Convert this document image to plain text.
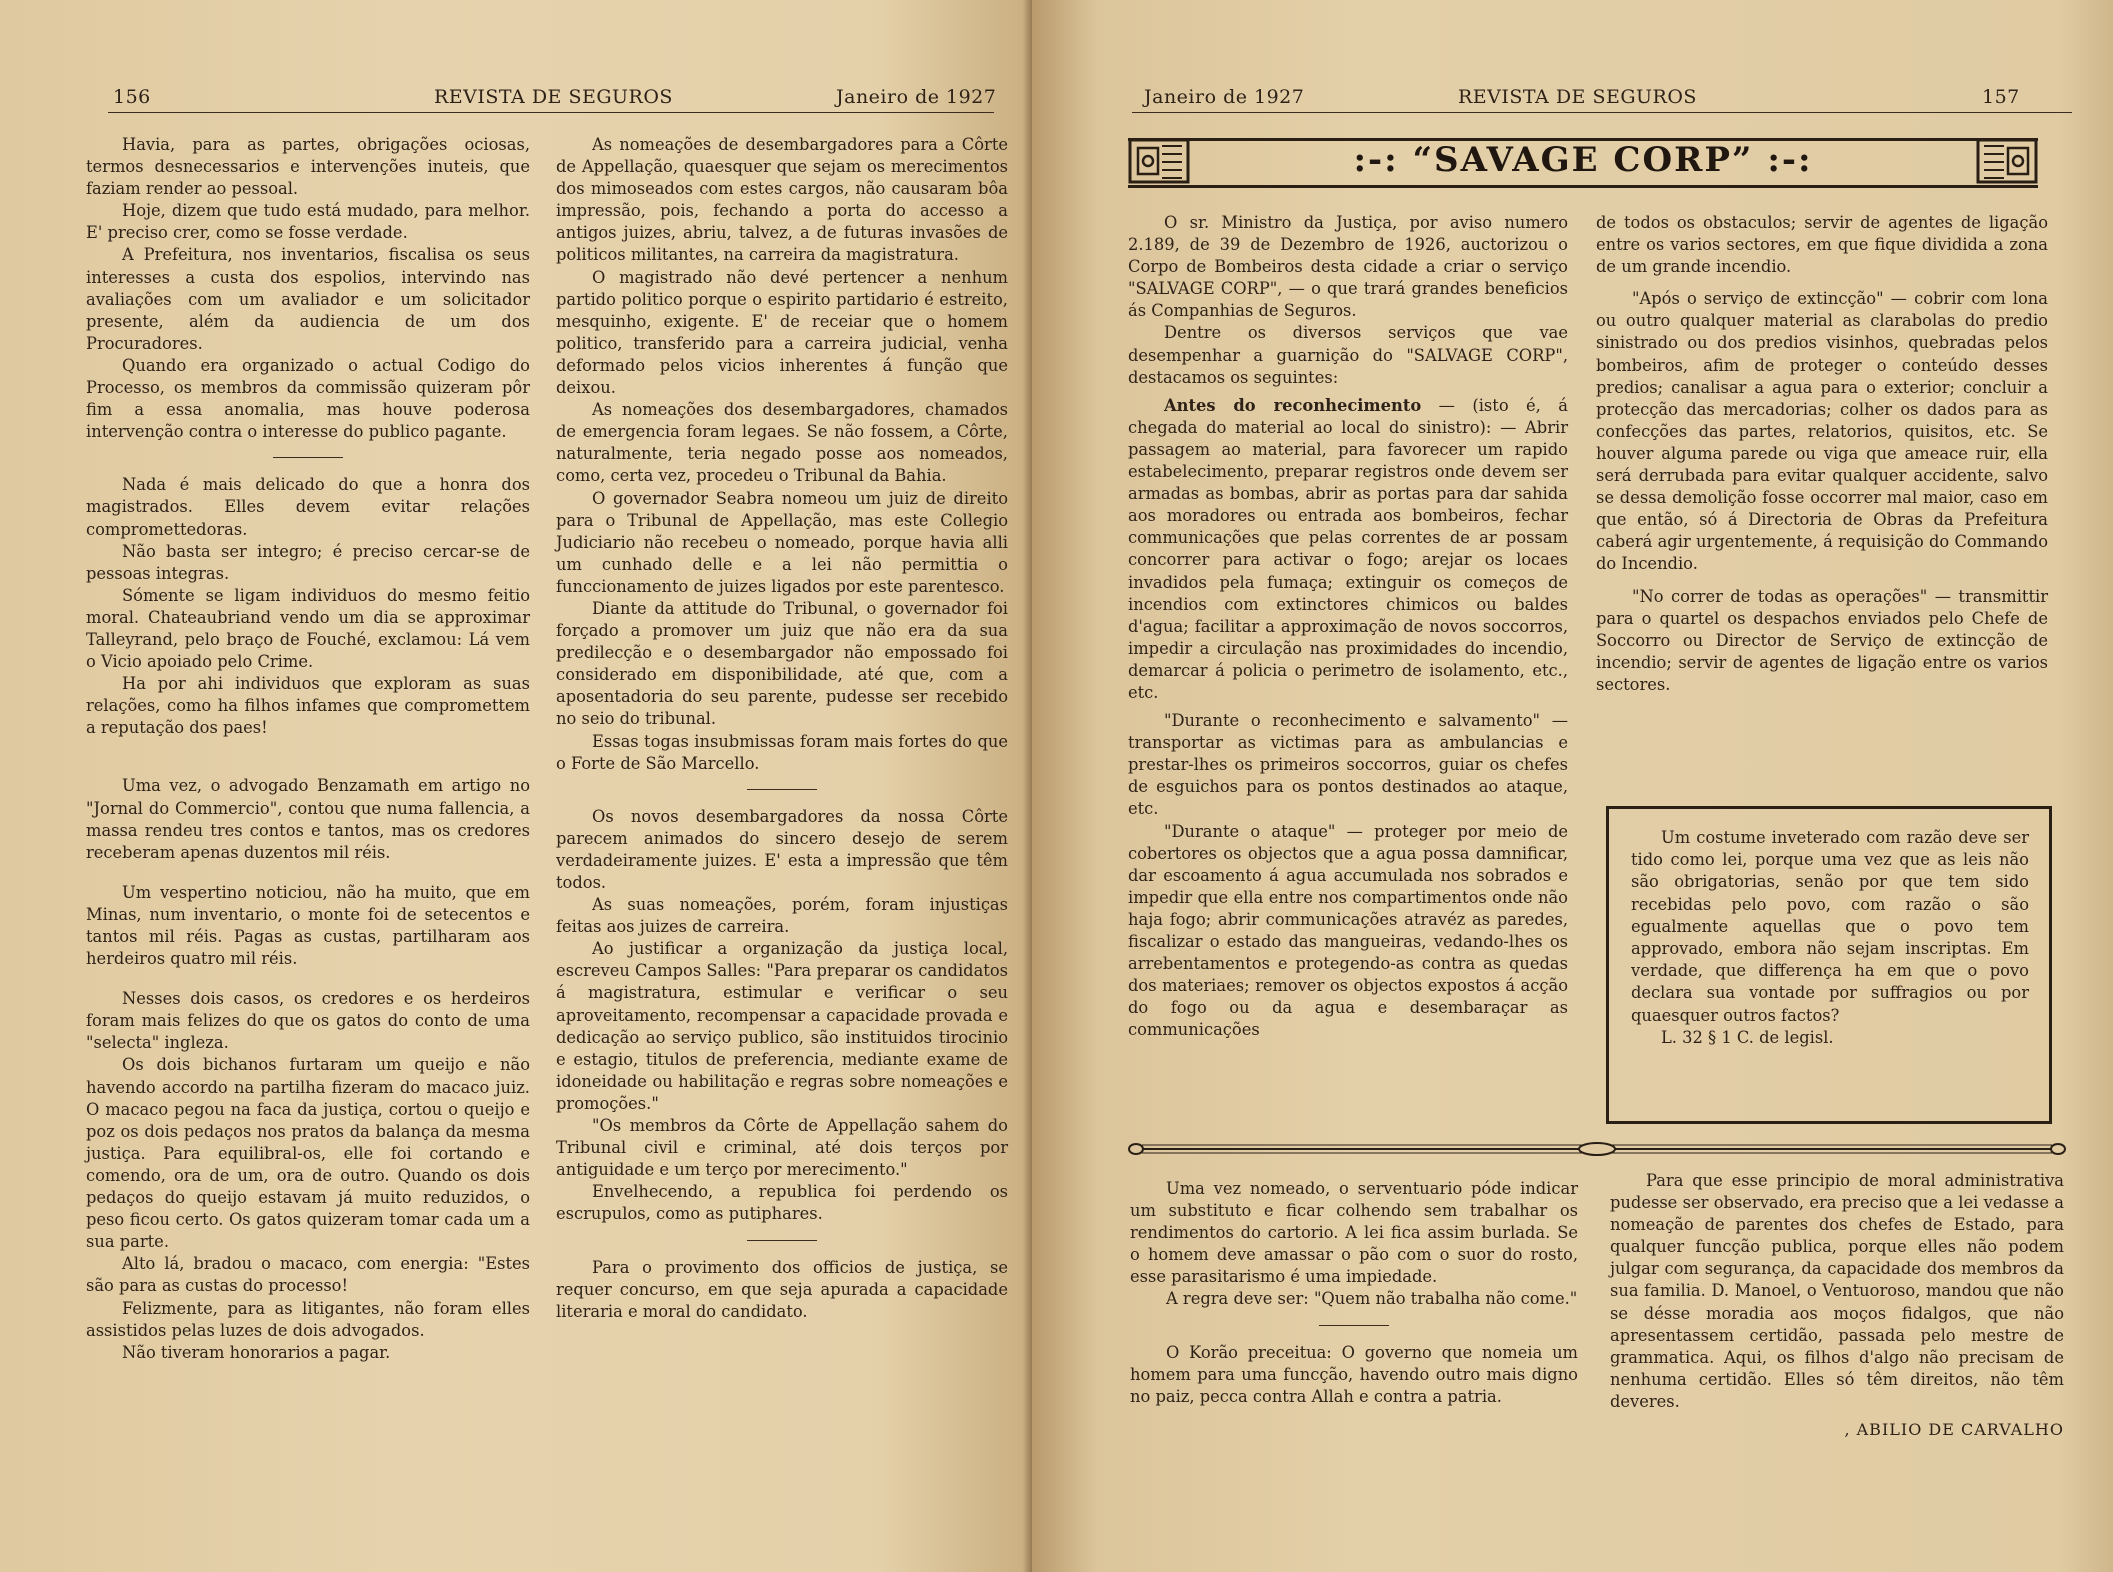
156	REVISTA DE SEGUROS	Janeiro de 1927

Havia, para as partes, obrigações ociosas, termos desnecessarios e intervenções inuteis, que faziam render ao pessoal.

Hoje, dizem que tudo está mudado, para melhor. E' preciso crer, como se fosse verdade.

A Prefeitura, nos inventarios, fiscalisa os seus interesses a custa dos espolios, intervindo nas avaliações com um avaliador e um solicitador presente, além da audiencia de um dos Procuradores.

Quando era organizado o actual Codigo do Processo, os membros da commissão quizeram pôr fim a essa anomalia, mas houve poderosa intervenção contra o interesse do publico pagante.

Nada é mais delicado do que a honra dos magistrados. Elles devem evitar relações compromettedoras.

Não basta ser integro; é preciso cercar-se de pessoas integras.

Sómente se ligam individuos do mesmo feitio moral. Chateaubriand vendo um dia se approximar Talleyrand, pelo braço de Fouché, exclamou: Lá vem o Vicio apoiado pelo Crime.

Ha por ahi individuos que exploram as suas relações, como ha filhos infames que compromettem a reputação dos paes!

Uma vez, o advogado Benzamath em artigo no "Jornal do Commercio", contou que numa fallencia, a massa rendeu tres contos e tantos, mas os credores receberam apenas duzentos mil réis.

Um vespertino noticiou, não ha muito, que em Minas, num inventario, o monte foi de setecentos e tantos mil réis. Pagas as custas, partilharam aos herdeiros quatro mil réis.

Nesses dois casos, os credores e os herdeiros foram mais felizes do que os gatos do conto de uma "selecta" ingleza.

Os dois bichanos furtaram um queijo e não havendo accordo na partilha fizeram do macaco juiz. O macaco pegou na faca da justiça, cortou o queijo e poz os dois pedaços nos pratos da balança da mesma justiça. Para equilibral-os, elle foi cortando e comendo, ora de um, ora de outro. Quando os dois pedaços do queijo estavam já muito reduzidos, o peso ficou certo. Os gatos quizeram tomar cada um a sua parte.

Alto lá, bradou o macaco, com energia: "Estes são para as custas do processo!

Felizmente, para as litigantes, não foram elles assistidos pelas luzes de dois advogados.

Não tiveram honorarios a pagar.

As nomeações de desembargadores para a Côrte de Appellação, quaesquer que sejam os merecimentos dos mimoseados com estes cargos, não causaram bôa impressão, pois, fechando a porta do accesso a antigos juizes, abriu, talvez, a de futuras invasões de politicos militantes, na carreira da magistratura.

O magistrado não devé pertencer a nenhum partido politico porque o espirito partidario é estreito, mesquinho, exigente. E' de receiar que o homem politico, transferido para a carreira judicial, venha deformado pelos vicios inherentes á função que deixou.

As nomeações dos desembargadores, chamados de emergencia foram legaes. Se não fossem, a Côrte, naturalmente, teria negado posse aos nomeados, como, certa vez, procedeu o Tribunal da Bahia.

O governador Seabra nomeou um juiz de direito para o Tribunal de Appellação, mas este Collegio Judiciario não recebeu o nomeado, porque havia alli um cunhado delle e a lei não permittia o funccionamento de juizes ligados por este parentesco.

Diante da attitude do Tribunal, o governador foi forçado a promover um juiz que não era da sua predilecção e o desembargador não empossado foi considerado em disponibilidade, até que, com a aposentadoria do seu parente, pudesse ser recebido no seio do tribunal.

Essas togas insubmissas foram mais fortes do que o Forte de São Marcello.

Os novos desembargadores da nossa Côrte parecem animados do sincero desejo de serem verdadeiramente juizes. E' esta a impressão que têm todos.

As suas nomeações, porém, foram injustiças feitas aos juizes de carreira.

Ao justificar a organização da justiça local, escreveu Campos Salles: "Para preparar os candidatos á magistratura, estimular e verificar o seu aproveitamento, recompensar a capacidade provada e dedicação ao serviço publico, são instituidos tirocinio e estagio, titulos de preferencia, mediante exame de idoneidade ou habilitação e regras sobre nomeações e promoções."

"Os membros da Côrte de Appellação sahem do Tribunal civil e criminal, até dois terços por antiguidade e um terço por merecimento."

Envelhecendo, a republica foi perdendo os escrupulos, como as putiphares.

Para o provimento dos officios de justiça, se requer concurso, em que seja apurada a capacidade literaria e moral do candidato.

Janeiro de 1927	REVISTA DE SEGUROS	157
:-: “SAVAGE CORP” :-:

O sr. Ministro da Justiça, por aviso numero 2.189, de 39 de Dezembro de 1926, auctorizou o Corpo de Bombeiros desta cidade a criar o serviço "SALVAGE CORP", — o que trará grandes beneficios ás Companhias de Seguros.

Dentre os diversos serviços que vae desempenhar a guarnição do "SALVAGE CORP", destacamos os seguintes:

Antes do reconhecimento — (isto é, á chegada do material ao local do sinistro): — Abrir passagem ao material, para favorecer um rapido estabelecimento, preparar registros onde devem ser armadas as bombas, abrir as portas para dar sahida aos moradores ou entrada aos bombeiros, fechar communicações que pelas correntes de ar possam concorrer para activar o fogo; arejar os locaes invadidos pela fumaça; extinguir os começos de incendios com extinctores chimicos ou baldes d'agua; facilitar a approximação de novos soccorros, impedir a circulação nas proximidades do incendio, demarcar á policia o perimetro de isolamento, etc., etc.

"Durante o reconhecimento e salvamento" — transportar as victimas para as ambulancias e prestar-lhes os primeiros soccorros, guiar os chefes de esguichos para os pontos destinados ao ataque, etc.

"Durante o ataque" — proteger por meio de cobertores os objectos que a agua possa damnificar, dar escoamento á agua accumulada nos sobrados e impedir que ella entre nos compartimentos onde não haja fogo; abrir communicações atravéz as paredes, fiscalizar o estado das mangueiras, vedando-lhes os arrebentamentos e protegendo-as contra as quedas dos materiaes; remover os objectos expostos á acção do fogo ou da agua e desembaraçar as communicações

de todos os obstaculos; servir de agentes de ligação entre os varios sectores, em que fique dividida a zona de um grande incendio.

"Após o serviço de extincção" — cobrir com lona ou outro qualquer material as clarabolas do predio sinistrado ou dos predios visinhos, quebradas pelos bombeiros, afim de proteger o conteúdo desses predios; canalisar a agua para o exterior; concluir a protecção das mercadorias; colher os dados para as confecções das partes, relatorios, quisitos, etc. Se houver alguma parede ou viga que ameace ruir, ella será derrubada para evitar qualquer accidente, salvo se dessa demolição fosse occorrer mal maior, caso em que então, só á Directoria de Obras da Prefeitura caberá agir urgentemente, á requisição do Commando do Incendio.

"No correr de todas as operações" — transmittir para o quartel os despachos enviados pelo Chefe de Soccorro ou Director de Serviço de extincção de incendio; servir de agentes de ligação entre os varios sectores.

Um costume inveterado com razão deve ser tido como lei, porque uma vez que as leis não são obrigatorias, senão por que tem sido recebidas pelo povo, com razão o são egualmente aquellas que o povo tem approvado, embora não sejam inscriptas. Em verdade, que differença ha em que o povo declara sua vontade por suffragios ou por quaesquer outros factos?

L. 32 § 1 C. de legisl.

Uma vez nomeado, o serventuario póde indicar um substituto e ficar colhendo sem trabalhar os rendimentos do cartorio. A lei fica assim burlada. Se o homem deve amassar o pão com o suor do rosto, esse parasitarismo é uma impiedade.

A regra deve ser: "Quem não trabalha não come."

O Korão preceitua: O governo que nomeia um homem para uma funcção, havendo outro mais digno no paiz, pecca contra Allah e contra a patria.

Para que esse principio de moral administrativa pudesse ser observado, era preciso que a lei vedasse a nomeação de parentes dos chefes de Estado, para qualquer funcção publica, porque elles não podem julgar com segurança, da capacidade dos membros da sua familia. D. Manoel, o Ventuoroso, mandou que não se désse moradia aos moços fidalgos, que não apresentassem certidão, passada pelo mestre de grammatica. Aqui, os filhos d'algo não precisam de nenhuma certidão. Elles só têm direitos, não têm deveres.

, ABILIO DE CARVALHO
